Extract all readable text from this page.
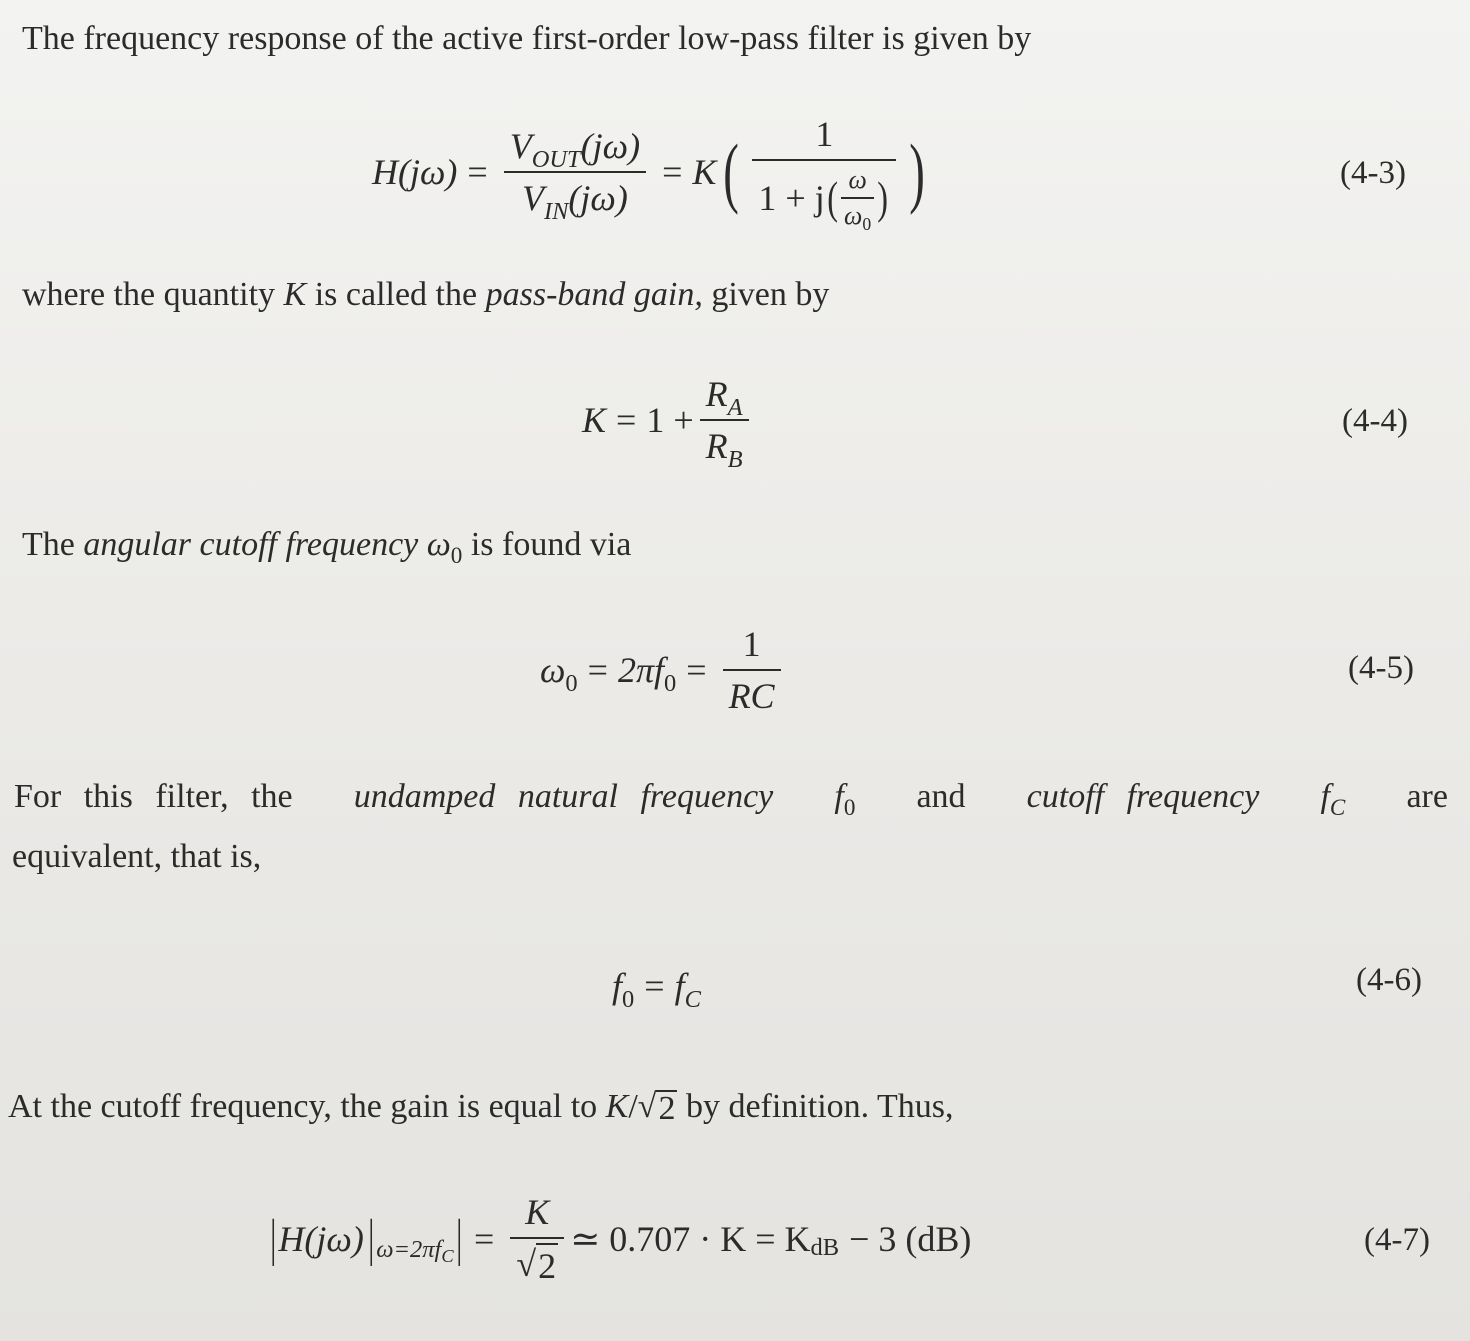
The frequency response of the active first-order low-pass filter is given by
$H(j\omega) = \frac{V_{OUT}(j\omega)}{V_{IN}(j\omega)} = K$ ( 1
1 + j ( $\frac{\omega}{\omega_0}$ ) )	(4-3)
where the quantity K is called the pass-band gain, given by
$K = 1 + \frac{R_A}{R_B}$	(4-4)
The angular cutoff frequency $\omega_0$ is found via
$\omega_0 = 2\pi f_0 = \frac{1}{RC}$	(4-5)
For this filter, the undamped natural frequency $f_0$ and cutoff frequency $f_C$ are
equivalent, that is,
$f_0 = f_C$
(4-6)
At the cutoff frequency, the gain is equal to K/ √ 2 by definition. Thus,
| H(jω) | ω=2πfC | = $\frac{K}{√ 2}$ ≃ 0.707 · K = K dB − 3 (dB)	(4-7)
